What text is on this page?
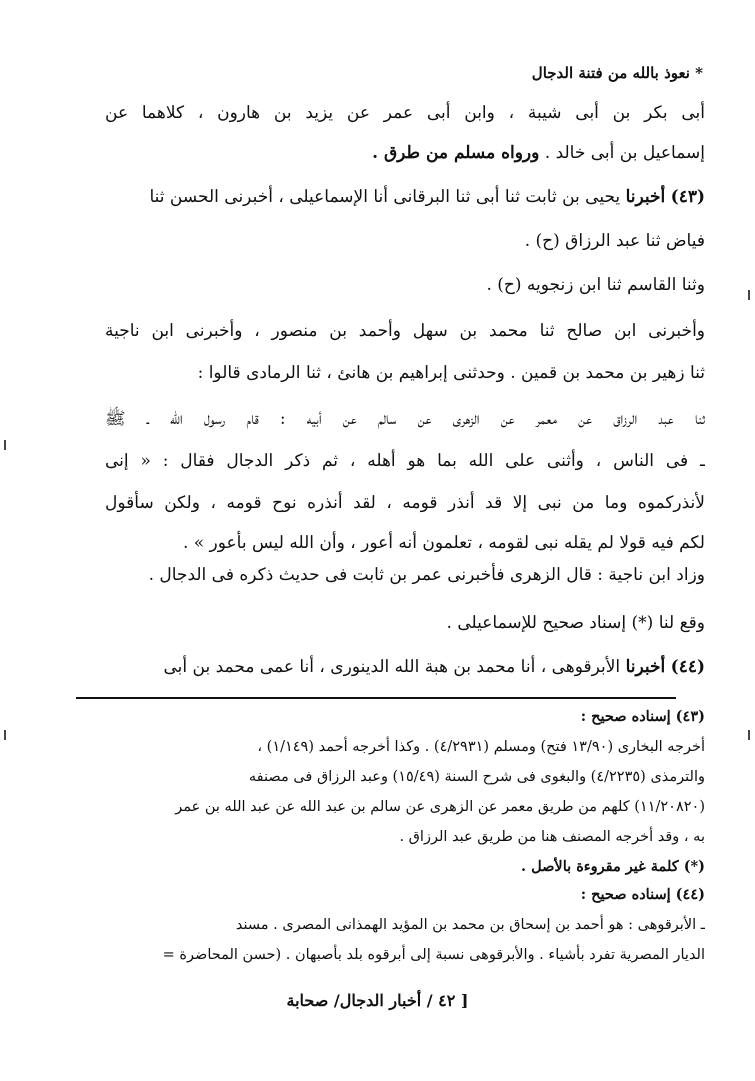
* نعوذ بالله من فتنة الدجال
أبى بكر بن أبى شيبة ، وابن أبى عمر عن يزيد بن هارون ، كلاهما عن
إسماعيل بن أبى خالد . ورواه مسلم من طرق .
(٤٣) أخبرنا يحيى بن ثابت ثنا أبى ثنا البرقانى أنا الإسماعيلى ، أخبرنى الحسن ثنا
فياض ثنا عبد الرزاق (ح) .
وثنا القاسم ثنا ابن زنجويه (ح) .
وأخبرنى ابن صالح ثنا محمد بن سهل وأحمد بن منصور ، وأخبرنى ابن ناجية
ثنا زهير بن محمد بن قمين . وحدثنى إبراهيم بن هانئ ، ثنا الرمادى قالوا :
ثنا عبد الرزاق عن معمر عن الزهرى عن سالم عن أبيه : قام رسول الله ـ ﷺ
ـ فى الناس ، وأثنى على الله بما هو أهله ، ثم ذكر الدجال فقال : « إنى
لأنذركموه وما من نبى إلا قد أنذر قومه ، لقد أنذره نوح قومه ، ولكن سأقول
لكم فيه قولا لم يقله نبى لقومه ، تعلمون أنه أعور ، وأن الله ليس بأعور » .
وزاد ابن ناجية : قال الزهرى فأخبرنى عمر بن ثابت فى حديث ذكره فى الدجال .
وقع لنا (*) إسناد صحيح للإسماعيلى .
(٤٤) أخبرنا الأبرقوهى ، أنا محمد بن هبة الله الدينورى ، أنا عمى محمد بن أبى
(٤٣) إسناده صحيح :
أخرجه البخارى (١٣/٩٠ فتح) ومسلم (٤/٢٩٣١) . وكذا أخرجه أحمد (١/١٤٩) ،
والترمذى (٤/٢٢٣٥) والبغوى فى شرح السنة (١٥/٤٩) وعبد الرزاق فى مصنفه
(١١/٢٠٨٢٠) كلهم من طريق معمر عن الزهرى عن سالم بن عبد الله عن عبد الله بن عمر
به ، وقد أخرجه المصنف هنا من طريق عبد الرزاق .
(*) كلمة غير مقروءة بالأصل .
(٤٤) إسناده صحيح :
ـ الأبرقوهى : هو أحمد بن إسحاق بن محمد بن المؤيد الهمذانى المصرى . مسند
الديار المصرية تفرد بأشياء . والأبرقوهى نسبة إلى أبرقوه بلد بأصبهان . (حسن المحاضرة =
[ ٤٢ / أخبار الدجال/ صحابة
